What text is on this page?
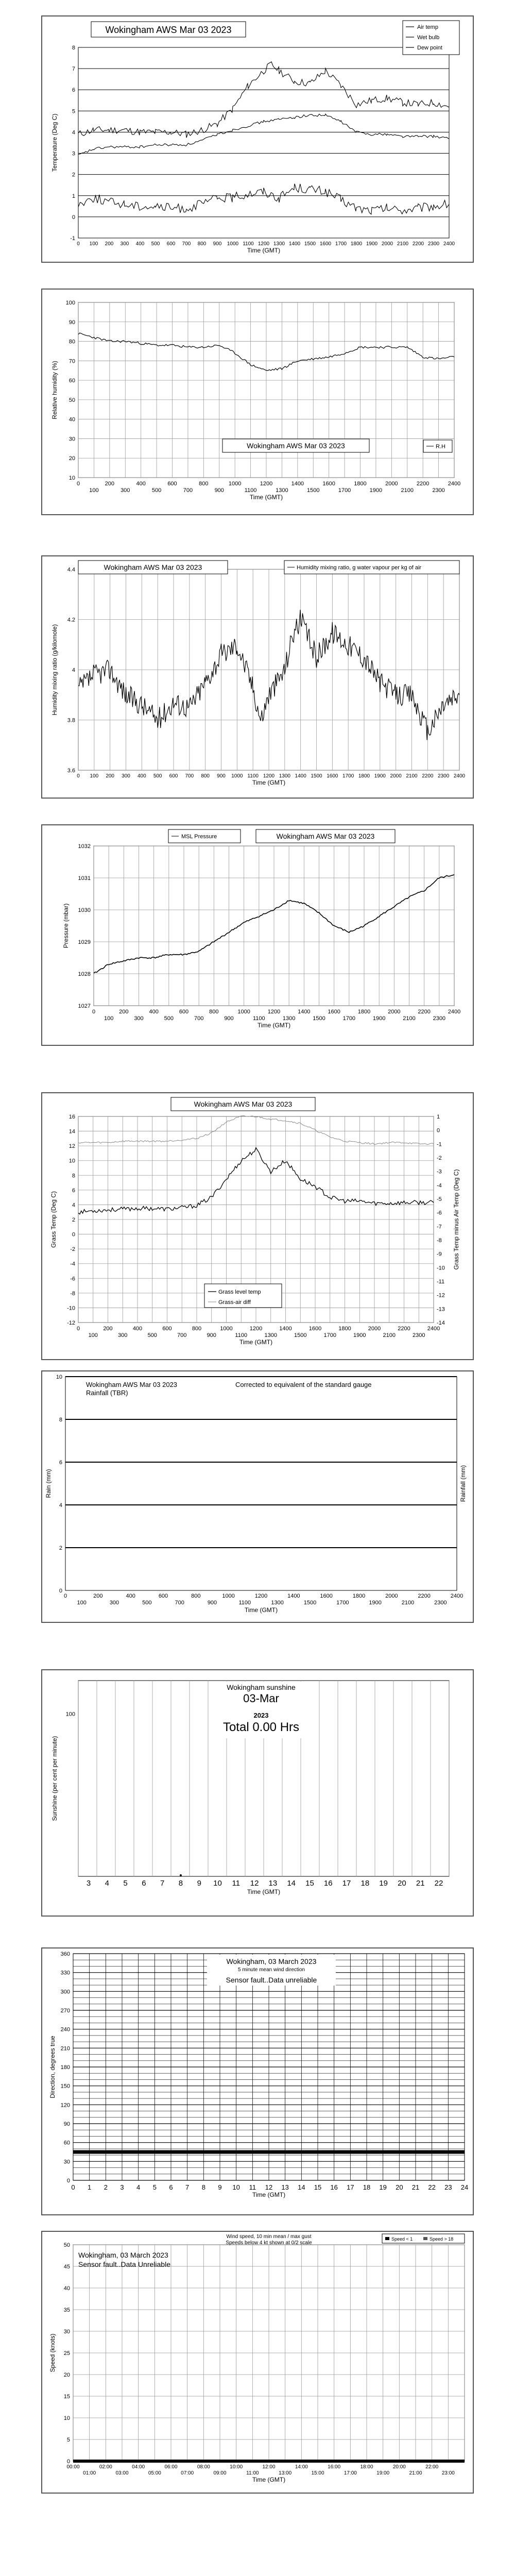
-1
0
1
2
3
4
5
6
7
8
0 100 200 300 400 500 600 700 800 900 1000 1100 1200 1300 1400 1500 1600 1700 1800 1900 2000 2100 2200 2300 2400
Time (GMT)
Temperature (Deg C)
Wokingham AWS Mar 03 2023	Air temp
Wet bulb
Dew point
10
20
30
40
50
60
70
80
90
100
0	200	400	600	800	1000	1200	1400	1600	1800	2000	2200	2400
100	300	500	700	900	1100	1300	1500	1700	1900	2100	2300
Time (GMT)
Relative humidity (%)
Wokingham AWS Mar 03 2023	R.H
3.6
3.8
4
4.2
4.4
0 100 200 300 400 500 600 700 800 900 1000 1100 1200 1300 1400 1500 1600 1700 1800 1900 2000 2100 2200 2300 2400
Time (GMT)
Humidity mixing ratio (g/kilomole)
Wokingham AWS Mar 03 2023	Humidity mixing ratio, g water vapour per kg of air
1027
1028
1029
1030
1031
1032
0	200	400	600	800	1000	1200	1400	1600	1800	2000	2200	2400
100	300	500	700	900	1100	1300	1500	1700	1900	2100	2300
Time (GMT)
Pressure (mbar)
Wokingham AWS Mar 03 2023
MSL Pressure
-12
-10
-8
-6
-4
-2
0
2
4
6
8
10
12
14
16
-14
-13
-12
-11
-10
-9
-8
-7
-6
-5
-4
-3
-2
-1
0
1
0	200	400	600	800	1000	1200	1400	1600	1800	2000	2200	2400
100	300	500	700	900	1100	1300	1500	1700	1900	2100	2300
Time (GMT)
Grass Temp (Deg C)	Grass Temp minus Air Temp (Deg C)
Wokingham AWS Mar 03 2023
Grass level temp
Grass-air diff
0
2
4
6
8
10
0	200	400	600	800	1000	1200	1400	1600	1800	2000	2200	2400
100	300	500	700	900	1100	1300	1500	1700	1900	2100	2300
Time (GMT)
Rain (mm)	Rainfall (mm)
Wokingham AWS Mar 03 2023
Rainfall (TBR)
Corrected to equivalent of the standard gauge
100
3 4 5 6 7 8 9 10 11 12 13 14 15 16 17 18 19 20 21 22
Time (GMT)
Sunshine (per cent per minute)
Wokingham sunshine
03-Mar
2023
Total 0.00 Hrs
0
30
60
90
120
150
180
210
240
270
300
330
360
0 1 2 3 4 5 6 7 8 9 10 11 12 13 14 15 16 17 18 19 20 21 22 23 24
Time (GMT)
Direction, degrees true
Wokingham, 03 March 2023
5 minute mean wind direction
Sensor fault..Data unreliable
0
5
10
15
20
25
30
35
40
45
50
00:00	02:00	04:00	06:00	08:00	10:00	12:00	14:00	16:00	18:00	20:00	22:00
01:00	03:00	05:00	07:00	09:00	11:00	13:00	15:00	17:00	19:00	21:00	23:00
Time (GMT)
Speed (knots)
Wokingham, 03 March 2023
Sensor fault..Data Unreliable
Wind speed, 10 min mean / max gust
Speeds below 4 kt shown at 0/2 scale
Speed < 1	Speed > 18
